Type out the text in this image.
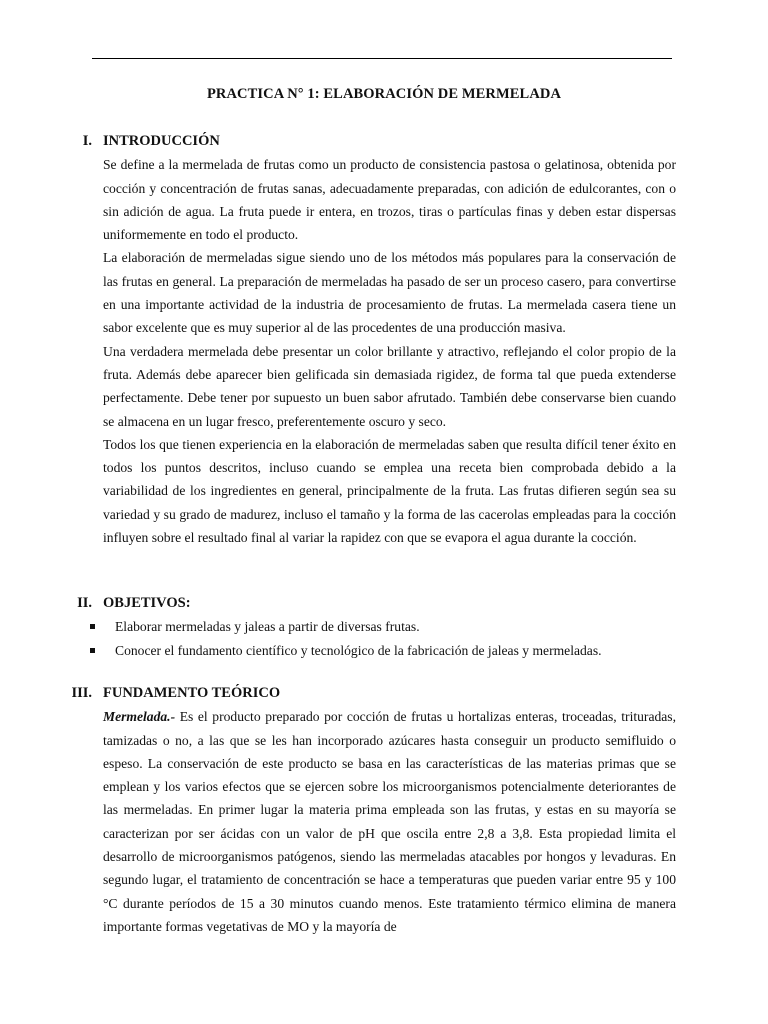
PRACTICA N° 1: ELABORACIÓN DE MERMELADA
I. INTRODUCCIÓN

Se define a la mermelada de frutas como un producto de consistencia pastosa o gelatinosa, obtenida por cocción y concentración de frutas sanas, adecuadamente preparadas, con adición de edulcorantes, con o sin adición de agua. La fruta puede ir entera, en trozos, tiras o partículas finas y deben estar dispersas uniformemente en todo el producto.

La elaboración de mermeladas sigue siendo uno de los métodos más populares para la conservación de las frutas en general. La preparación de mermeladas ha pasado de ser un proceso casero, para convertirse en una importante actividad de la industria de procesamiento de frutas. La mermelada casera tiene un sabor excelente que es muy superior al de las procedentes de una producción masiva.

Una verdadera mermelada debe presentar un color brillante y atractivo, reflejando el color propio de la fruta. Además debe aparecer bien gelificada sin demasiada rigidez, de forma tal que pueda extenderse perfectamente. Debe tener por supuesto un buen sabor afrutado. También debe conservarse bien cuando se almacena en un lugar fresco, preferentemente oscuro y seco.

Todos los que tienen experiencia en la elaboración de mermeladas saben que resulta difícil tener éxito en todos los puntos descritos, incluso cuando se emplea una receta bien comprobada debido a la variabilidad de los ingredientes en general, principalmente de la fruta. Las frutas difieren según sea su variedad y su grado de madurez, incluso el tamaño y la forma de las cacerolas empleadas para la cocción influyen sobre el resultado final al variar la rapidez con que se evapora el agua durante la cocción.

II. OBJETIVOS:
Elaborar mermeladas y jaleas a partir de diversas frutas.
Conocer el fundamento científico y tecnológico de la fabricación de jaleas y mermeladas.
III. FUNDAMENTO TEÓRICO

Mermelada.- Es el producto preparado por cocción de frutas u hortalizas enteras, troceadas, trituradas, tamizadas o no, a las que se les han incorporado azúcares hasta conseguir un producto semifluido o espeso. La conservación de este producto se basa en las características de las materias primas que se emplean y los varios efectos que se ejercen sobre los microorganismos potencialmente deteriorantes de las mermeladas. En primer lugar la materia prima empleada son las frutas, y estas en su mayoría se caracterizan por ser ácidas con un valor de pH que oscila entre 2,8 a 3,8. Esta propiedad limita el desarrollo de microorganismos patógenos, siendo las mermeladas atacables por hongos y levaduras. En segundo lugar, el tratamiento de concentración se hace a temperaturas que pueden variar entre 95 y 100 °C durante períodos de 15 a 30 minutos cuando menos. Este tratamiento térmico elimina de manera importante formas vegetativas de MO y la mayoría de
